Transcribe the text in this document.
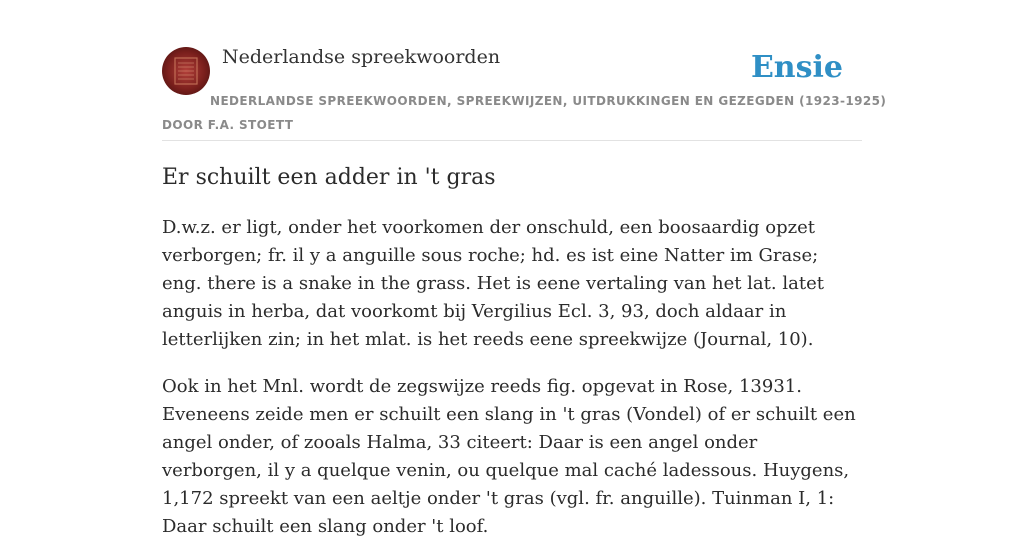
Nederlandse spreekwoorden	Ensie
NEDERLANDSE SPREEKWOORDEN, SPREEKWIJZEN, UITDRUKKINGEN EN GEZEGDEN (1923-1925)
DOOR F.A. STOETT
Er schuilt een adder in 't gras

D.w.z. er ligt, onder het voorkomen der onschuld, een boosaardig opzet verborgen; fr. il y a anguille sous roche; hd. es ist eine Natter im Grase; eng. there is a snake in the grass. Het is eene vertaling van het lat. latet anguis in herba, dat voorkomt bij Vergilius Ecl. 3, 93, doch aldaar in letterlijken zin; in het mlat. is het reeds eene spreekwijze (Journal, 10).

Ook in het Mnl. wordt de zegswijze reeds fig. opgevat in Rose, 13931. Eveneens zeide men er schuilt een slang in 't gras (Vondel) of er schuilt een angel onder, of zooals Halma, 33 citeert: Daar is een angel onder verborgen, il y a quelque venin, ou quelque mal caché ladessous. Huygens, 1,172 spreekt van een aeltje onder 't gras (vgl. fr. anguille). Tuinman I, 1: Daar schuilt een slang onder 't loof.
